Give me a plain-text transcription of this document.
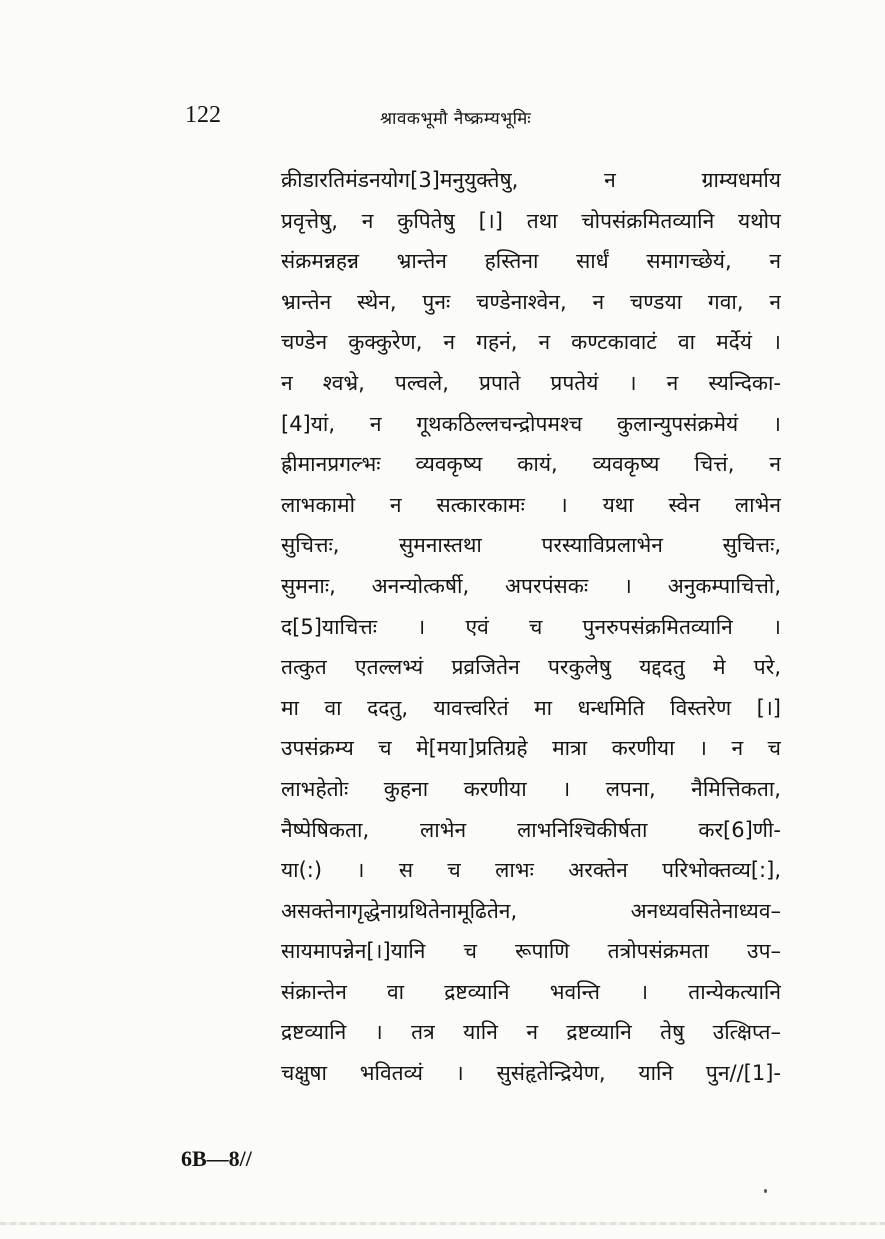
122	श्रावकभूमौ नैष्क्रम्यभूमिः
क्रीडारतिमंडनयोग[3]मनुयुक्तेषु, न ग्राम्यधर्माय
प्रवृत्तेषु, न कुपितेषु [।] तथा चोपसंक्रमितव्यानि यथोप
संक्रमन्नहन्न भ्रान्तेन हस्तिना सार्धं समागच्छेयं, न
भ्रान्तेन स्थेन, पुनः चण्डेनाश्वेन, न चण्डया गवा, न
चण्डेन कुक्कुरेण, न गहनं, न कण्टकावाटं वा मर्देयं ।
न श्वभ्रे, पल्वले, प्रपाते प्रपतेयं । न स्यन्दिका-
[4]यां, न गूथकठिल्लचन्द्रोपमश्च कुलान्युपसंक्रमेयं ।
ह्रीमानप्रगल्भः व्यवकृष्य कायं, व्यवकृष्य चित्तं, न
लाभकामो न सत्कारकामः । यथा स्वेन लाभेन
सुचित्तः, सुमनास्तथा परस्याविप्रलाभेन सुचित्तः,
सुमनाः, अनन्योत्कर्षी, अपरपंसकः । अनुकम्पाचित्तो,
द[5]याचित्तः । एवं च पुनरुपसंक्रमितव्यानि ।
तत्कुत एतल्लभ्यं प्रव्रजितेन परकुलेषु यद्ददतु मे परे,
मा वा ददतु, यावत्त्वरितं मा धन्धमिति विस्तरेण [।]
उपसंक्रम्य च मे[मया]प्रतिग्रहे मात्रा करणीया । न च
लाभहेतोः कुहना करणीया । लपना, नैमित्तिकता,
नैष्पेषिकता, लाभेन लाभनिश्चिकीर्षता कर[6]णी-
या(:) । स च लाभः अरक्तेन परिभोक्तव्य[:],
असक्तेनागृद्धेनाग्रथितेनामूढितेन, अनध्यवसितेनाध्यव–
सायमापन्नेन[।]यानि च रूपाणि तत्रोपसंक्रमता उप–
संक्रान्तेन वा द्रष्टव्यानि भवन्ति । तान्येकत्यानि
द्रष्टव्यानि । तत्र यानि न द्रष्टव्यानि तेषु उत्क्षिप्त–
चक्षुषा भवितव्यं । सुसंहृतेन्द्रियेण, यानि पुन//[1]-
6B—8//
